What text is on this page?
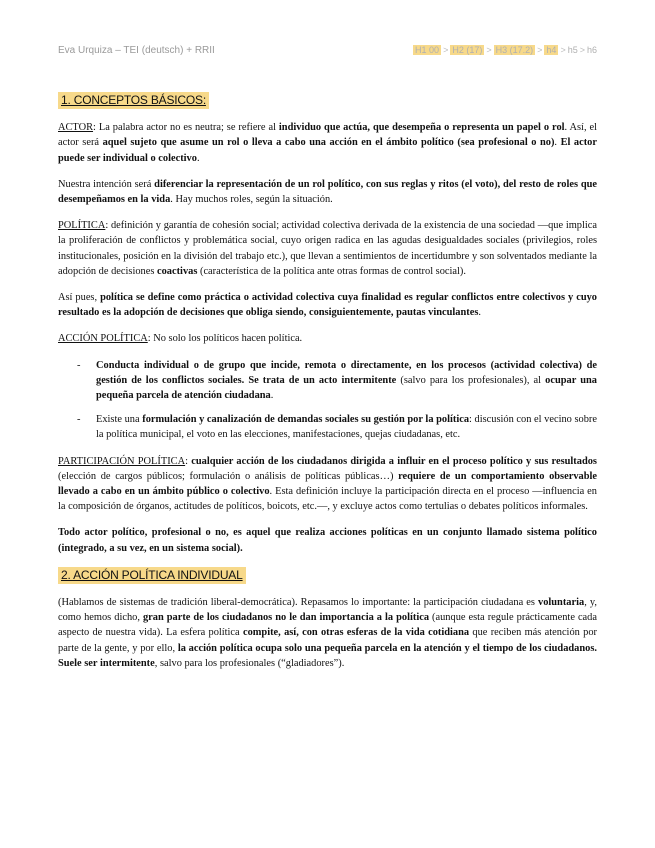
Eva Urquiza – TEI (deutsch) + RRII	H1 00 > H2 (17) > H3 (17.2) > h4 > h5 > h6
1. CONCEPTOS BÁSICOS:

ACTOR: La palabra actor no es neutra; se refiere al individuo que actúa, que desempeña o representa un papel o rol. Así, el actor será aquel sujeto que asume un rol o lleva a cabo una acción en el ámbito político (sea profesional o no). El actor puede ser individual o colectivo.

Nuestra intención será diferenciar la representación de un rol político, con sus reglas y ritos (el voto), del resto de roles que desempeñamos en la vida. Hay muchos roles, según la situación.

POLÍTICA: definición y garantía de cohesión social; actividad colectiva derivada de la existencia de una sociedad —que implica la proliferación de conflictos y problemática social, cuyo origen radica en las agudas desigualdades sociales (privilegios, roles institucionales, posición en la división del trabajo etc.), que llevan a sentimientos de incertidumbre y son solventados mediante la adopción de decisiones coactivas (característica de la política ante otras formas de control social).

Así pues, política se define como práctica o actividad colectiva cuya finalidad es regular conflictos entre colectivos y cuyo resultado es la adopción de decisiones que obliga siendo, consiguientemente, pautas vinculantes.

ACCIÓN POLÍTICA: No solo los políticos hacen política.

- Conducta individual o de grupo que incide, remota o directamente, en los procesos (actividad colectiva) de gestión de los conflictos sociales. Se trata de un acto intermitente (salvo para los profesionales), al ocupar una pequeña parcela de atención ciudadana.
- Existe una formulación y canalización de demandas sociales su gestión por la política: discusión con el vecino sobre la política municipal, el voto en las elecciones, manifestaciones, quejas ciudadanas, etc.

PARTICIPACIÓN POLÍTICA: cualquier acción de los ciudadanos dirigida a influir en el proceso político y sus resultados (elección de cargos públicos; formulación o análisis de políticas públicas…) requiere de un comportamiento observable llevado a cabo en un ámbito público o colectivo. Esta definición incluye la participación directa en el proceso —influencia en la composición de órganos, actitudes de políticos, boicots, etc.—, y excluye actos como tertulias o debates políticos informales.

Todo actor político, profesional o no, es aquel que realiza acciones políticas en un conjunto llamado sistema político (integrado, a su vez, en un sistema social).

2. ACCIÓN POLÍTICA INDIVIDUAL

(Hablamos de sistemas de tradición liberal-democrática). Repasamos lo importante: la participación ciudadana es voluntaria, y, como hemos dicho, gran parte de los ciudadanos no le dan importancia a la política (aunque esta regule prácticamente cada aspecto de nuestra vida). La esfera política compite, así, con otras esferas de la vida cotidiana que reciben más atención por parte de la gente, y por ello, la acción política ocupa solo una pequeña parcela en la atención y el tiempo de los ciudadanos. Suele ser intermitente, salvo para los profesionales (“gladiadores”).
